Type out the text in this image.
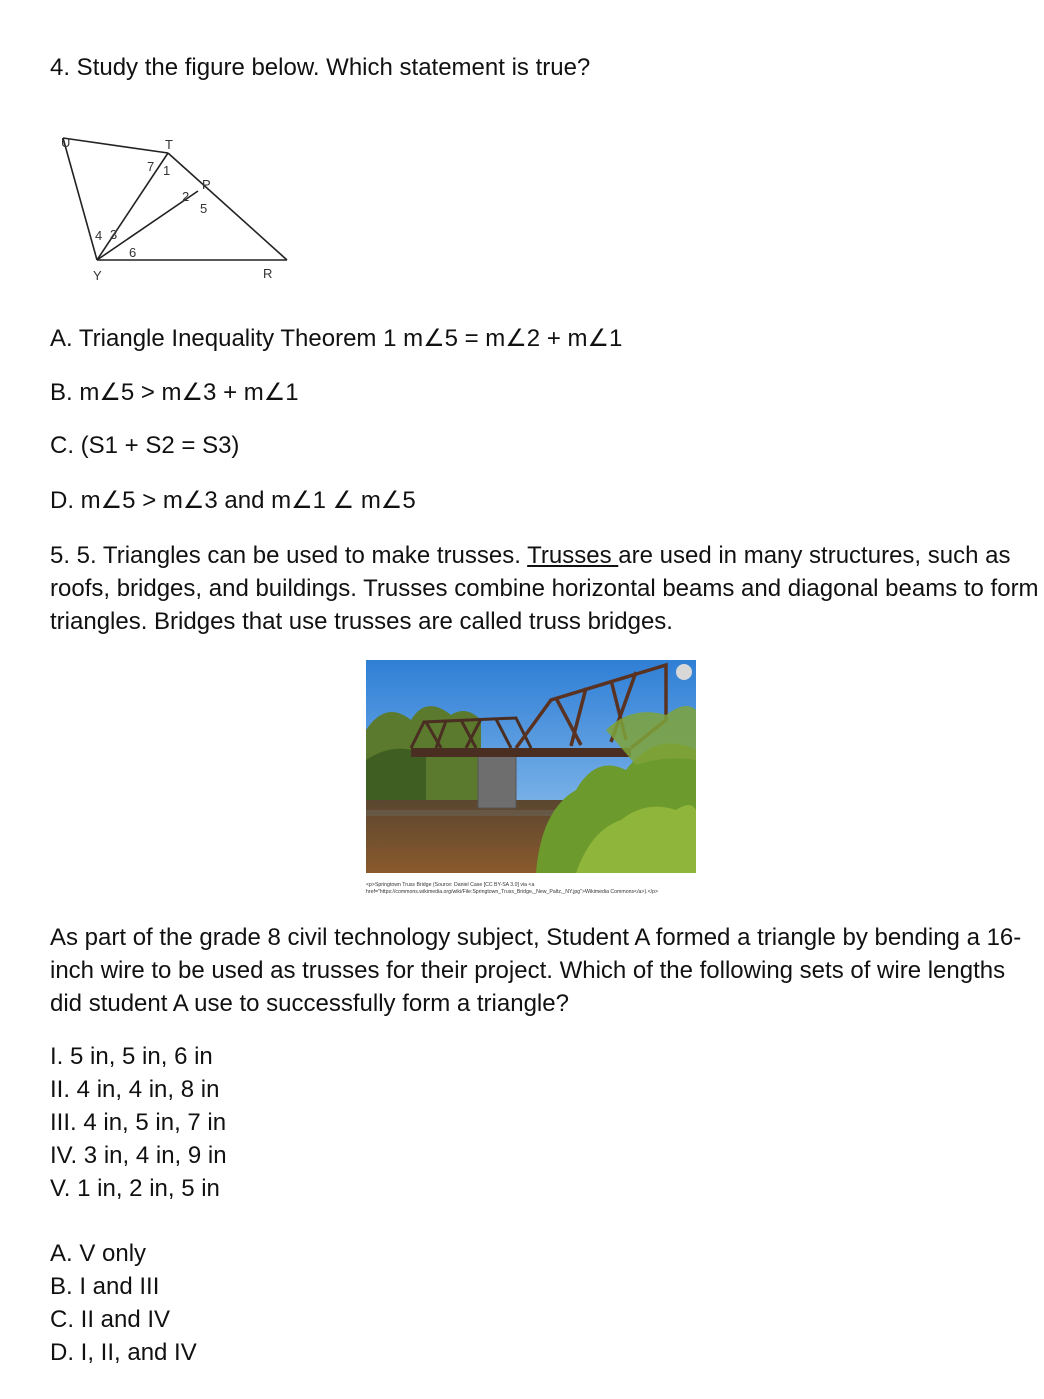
4. Study the figure below. Which statement is true?
U	T
P
Y	R
7 1
2
5
4 3
6
A. Triangle Inequality Theorem 1 m∠5 = m∠2 + m∠1
B. m∠5 > m∠3 + m∠1
C. (S1 + S2 = S3)
D. m∠5 > m∠3 and m∠1 ∠ m∠5
5. 5. Triangles can be used to make trusses. Trusses are used in many structures, such as roofs, bridges, and buildings. Trusses combine horizontal beams and diagonal beams to form triangles. Bridges that use trusses are called truss bridges.
<p>Springtown Truss Bridge (Source: Daniel Case [CC BY-SA 3.0] via <a
href="https://commons.wikimedia.org/wiki/File:Springtown_Truss_Bridge,_New_Paltz,_NY.jpg">Wikimedia Commons</a>).</p>
As part of the grade 8 civil technology subject, Student A formed a triangle by bending a 16-inch wire to be used as trusses for their project. Which of the following sets of wire lengths did student A use to successfully form a triangle?
I. 5 in, 5 in, 6 in
II. 4 in, 4 in, 8 in
III. 4 in, 5 in, 7 in
IV. 3 in, 4 in, 9 in
V. 1 in, 2 in, 5 in
A. V only
B. I and III
C. II and IV
D. I, II, and IV
